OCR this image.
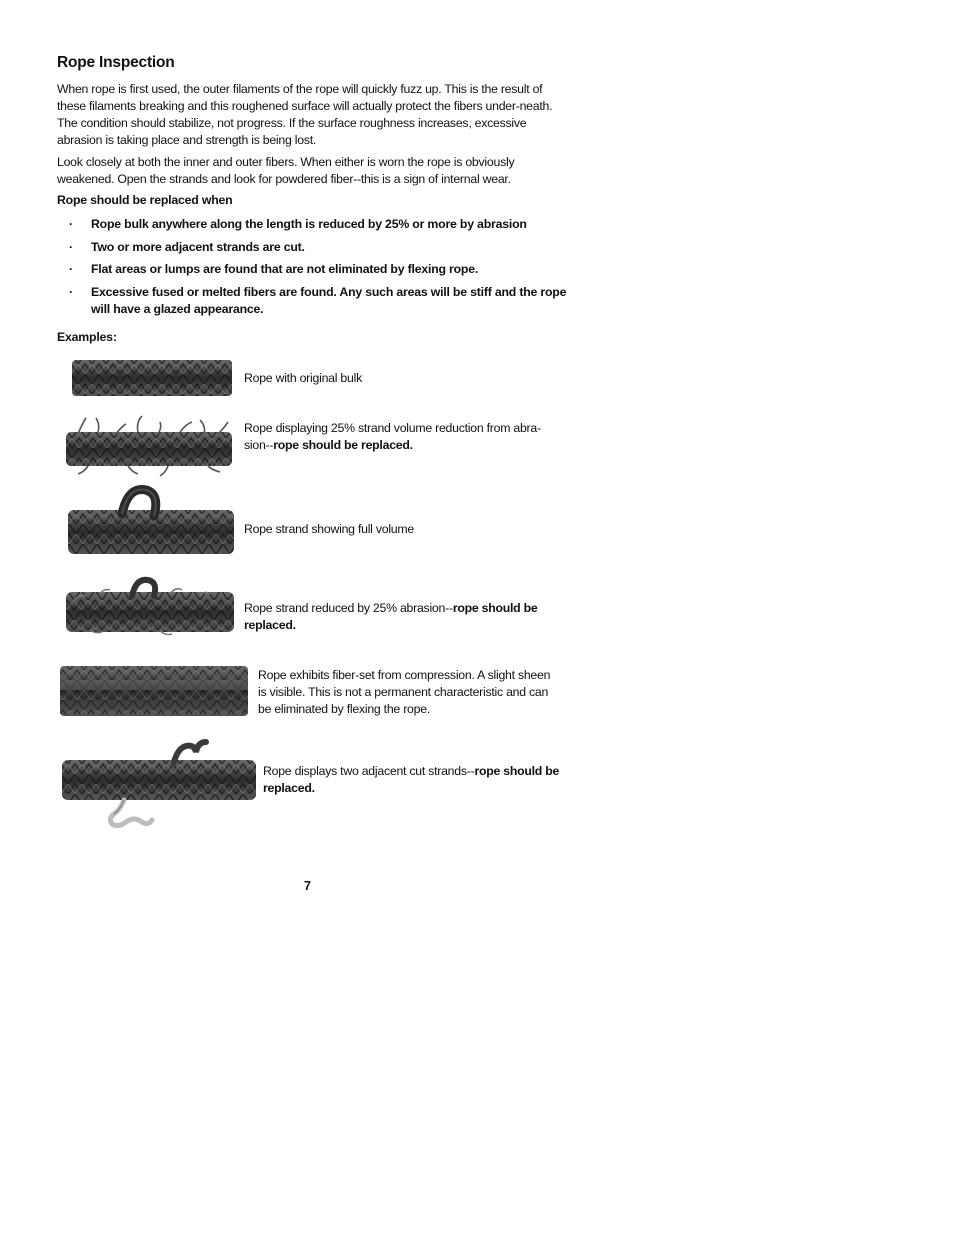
Rope Inspection
When rope is first used, the outer filaments of the rope will quickly fuzz up. This is the result of these filaments breaking and this roughened surface will actually protect the fibers under-neath. The condition should stabilize, not progress. If the surface roughness increases, excessive abrasion is taking place and strength is being lost.
Look closely at both the inner and outer fibers. When either is worn the rope is obviously weakened. Open the strands and look for powdered fiber--this is a sign of internal wear.
Rope should be replaced when
· Rope bulk anywhere along the length is reduced by 25% or more by abrasion
· Two or more adjacent strands are cut.
· Flat areas or lumps are found that are not eliminated by flexing rope.
· Excessive fused or melted fibers are found. Any such areas will be stiff and the rope will have a glazed appearance.
Examples:
Rope with original bulk
Rope displaying 25% strand volume reduction from abra-sion--rope should be replaced.
Rope strand showing full volume
Rope strand reduced by 25% abrasion--rope should be replaced.
Rope exhibits fiber-set from compression. A slight sheen is visible. This is not a permanent characteristic and can be eliminated by flexing the rope.
Rope displays two adjacent cut strands--rope should be replaced.
7
